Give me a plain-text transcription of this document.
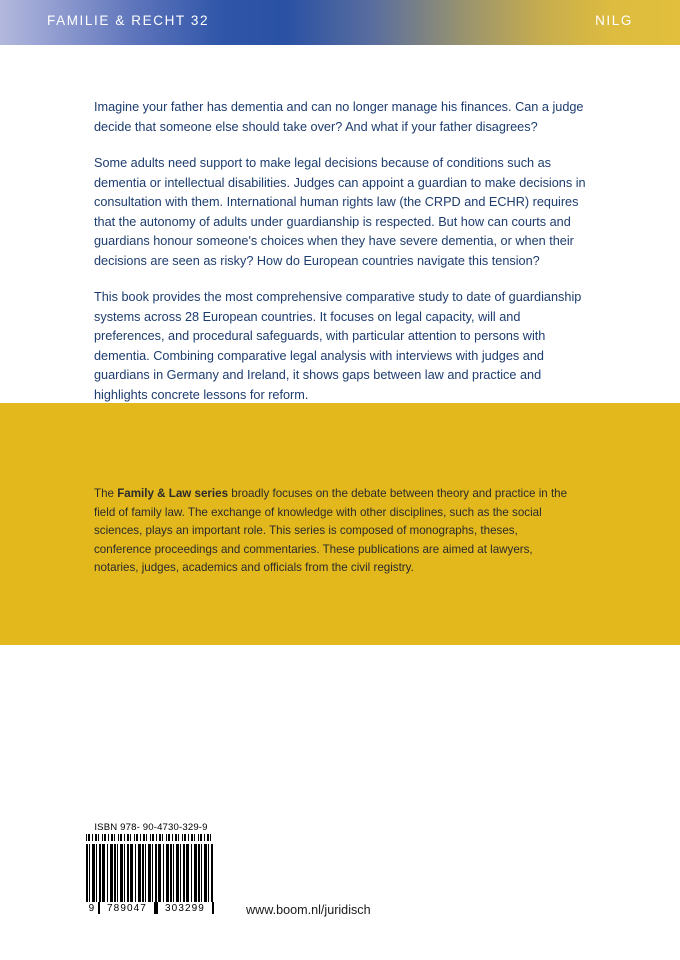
FAMILIE & RECHT 32	NILG

Imagine your father has dementia and can no longer manage his finances. Can a judge decide that someone else should take over? And what if your father disagrees?

Some adults need support to make legal decisions because of conditions such as dementia or intellectual disabilities. Judges can appoint a guardian to make decisions in consultation with them. International human rights law (the CRPD and ECHR) requires that the autonomy of adults under guardianship is respected. But how can courts and guardians honour someone's choices when they have severe dementia, or when their decisions are seen as risky? How do European countries navigate this tension?

This book provides the most comprehensive comparative study to date of guardianship systems across 28 European countries. It focuses on legal capacity, will and preferences, and procedural safeguards, with particular attention to persons with dementia. Combining comparative legal analysis with interviews with judges and guardians in Germany and Ireland, it shows gaps between law and practice and highlights concrete lessons for reform.

The Family & Law series broadly focuses on the debate between theory and practice in the field of family law. The exchange of knowledge with other disciplines, such as the social sciences, plays an important role. This series is composed of monographs, theses, conference proceedings and commentaries. These publications are aimed at lawyers, notaries, judges, academics and officials from the civil registry.
ISBN 978- 90-4730-329-9
9	789047	303299	www.boom.nl/juridisch
